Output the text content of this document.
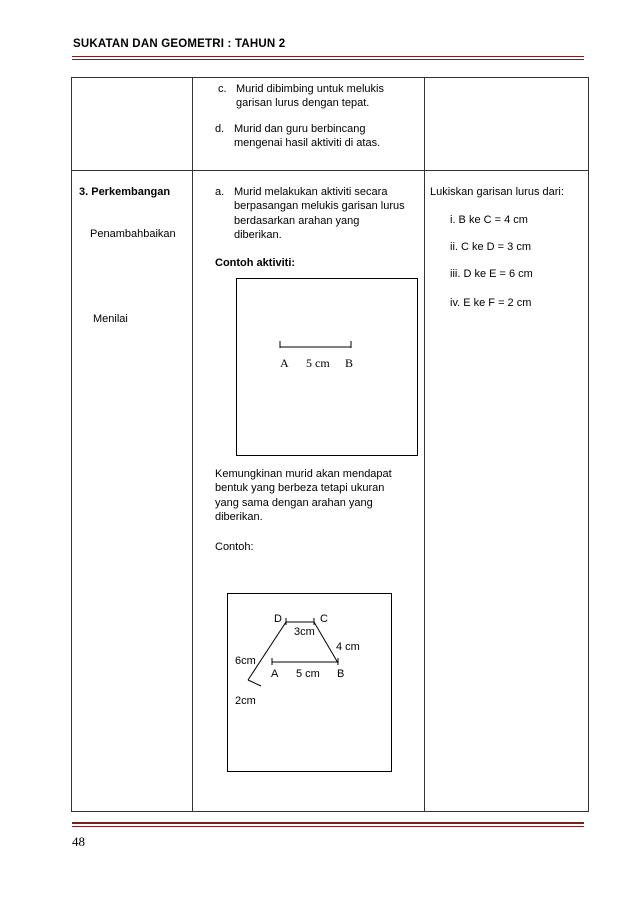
SUKATAN DAN GEOMETRI : TAHUN 2
c. Murid dibimbing untuk melukis
garisan lurus dengan tepat.
d. Murid dan guru berbincang
mengenai hasil aktiviti di atas.
3. Perkembangan
Penambahbaikan
Menilai
a. Murid melakukan aktiviti secara
berpasangan melukis garisan lurus
berdasarkan arahan yang
diberikan.
Contoh aktiviti:
A 5 cm B
Kemungkinan murid akan mendapat
bentuk yang berbeza tetapi ukuran
yang sama dengan arahan yang
diberikan.
Contoh:
D	C
3cm
4 cm
6cm
A 5 cm B
2cm
Lukiskan garisan lurus dari:
i. B ke C = 4 cm
ii. C ke D = 3 cm
iii. D ke E = 6 cm
iv. E ke F = 2 cm
48
